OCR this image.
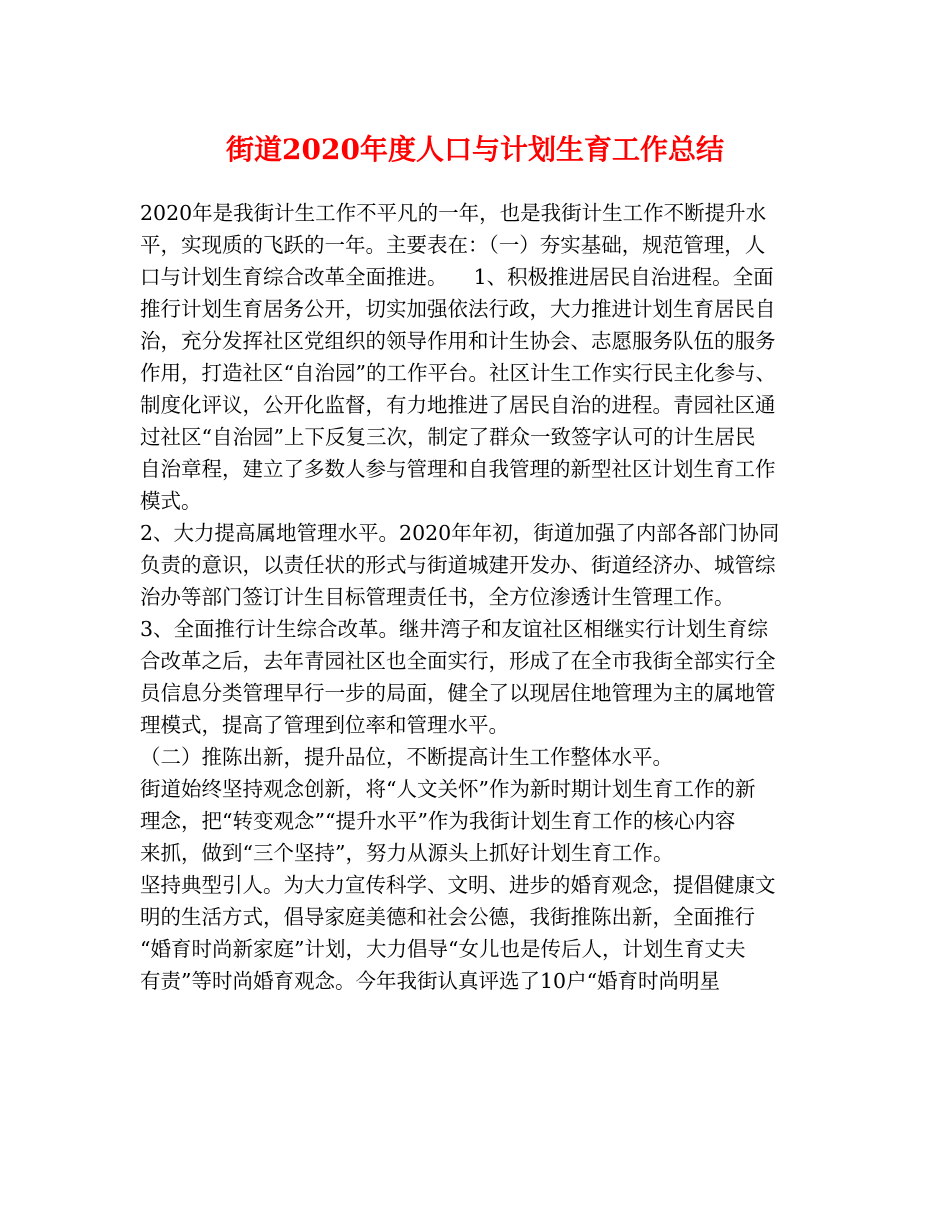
街道2020年度人口与计划生育工作总结
2020年是我街计生工作不平凡的一年，也是我街计生工作不断提升水
平，实现质的飞跃的一年。主要表在：（一）夯实基础，规范管理，人
口与计划生育综合改革全面推进。    1、积极推进居民自治进程。全面
推行计划生育居务公开，切实加强依法行政，大力推进计划生育居民自
治，充分发挥社区党组织的领导作用和计生协会、志愿服务队伍的服务
作用，打造社区“自治园”的工作平台。社区计生工作实行民主化参与、
制度化评议，公开化监督，有力地推进了居民自治的进程。青园社区通
过社区“自治园”上下反复三次，制定了群众一致签字认可的计生居民
自治章程，建立了多数人参与管理和自我管理的新型社区计划生育工作
模式。
2、大力提高属地管理水平。2020年年初，街道加强了内部各部门协同
负责的意识，以责任状的形式与街道城建开发办、街道经济办、城管综
治办等部门签订计生目标管理责任书，全方位渗透计生管理工作。
3、全面推行计生综合改革。继井湾子和友谊社区相继实行计划生育综
合改革之后，去年青园社区也全面实行，形成了在全市我街全部实行全
员信息分类管理早行一步的局面，健全了以现居住地管理为主的属地管
理模式，提高了管理到位率和管理水平。
（二）推陈出新，提升品位，不断提高计生工作整体水平。
街道始终坚持观念创新，将“人文关怀”作为新时期计划生育工作的新
理念，把“转变观念”“提升水平”作为我街计划生育工作的核心内容
来抓，做到“三个坚持”，努力从源头上抓好计划生育工作。
坚持典型引人。为大力宣传科学、文明、进步的婚育观念，提倡健康文
明的生活方式，倡导家庭美德和社会公德，我街推陈出新，全面推行
“婚育时尚新家庭”计划，大力倡导“女儿也是传后人，计划生育丈夫
有责”等时尚婚育观念。今年我街认真评选了10户“婚育时尚明星
